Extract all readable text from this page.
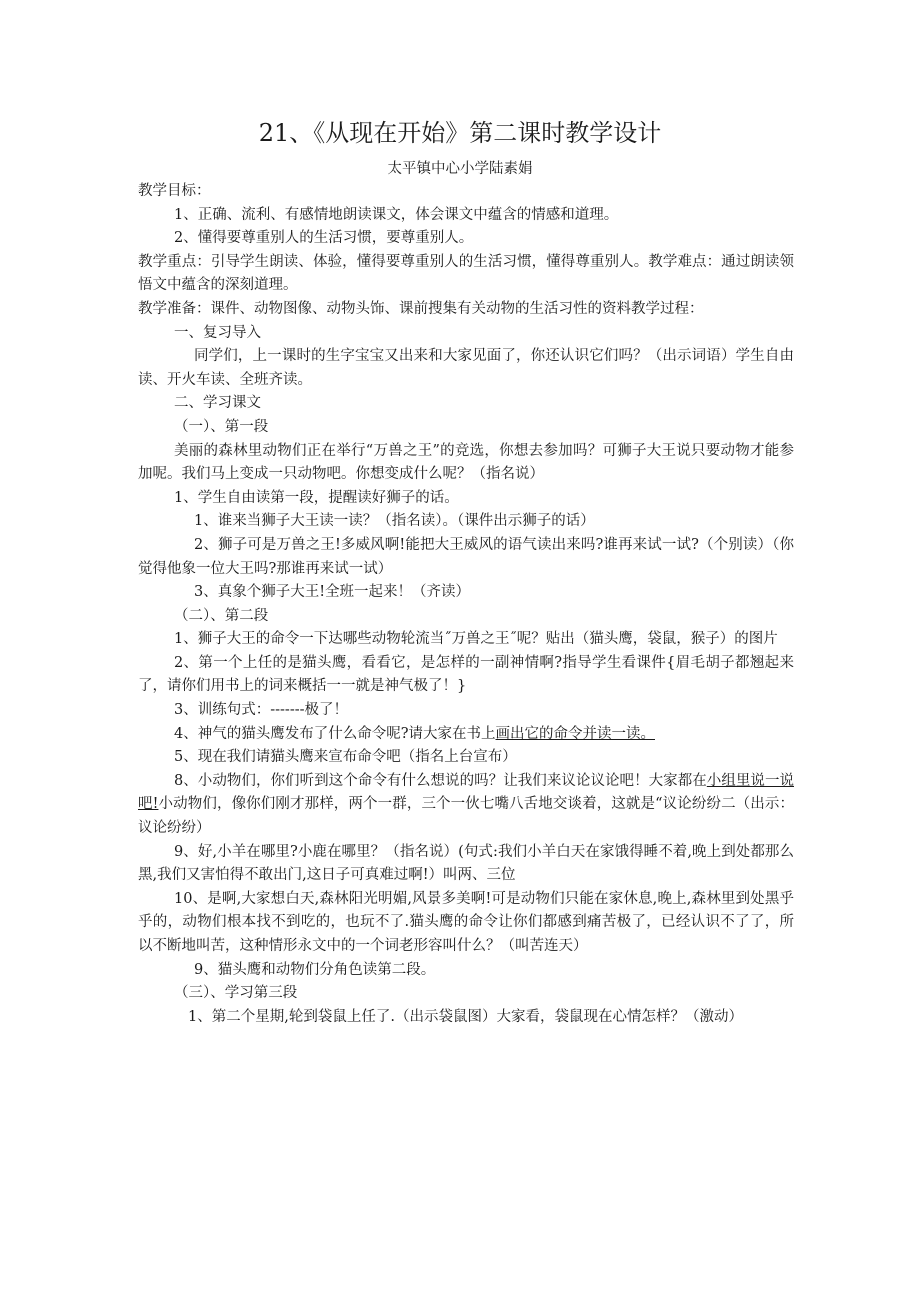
21、《从现在开始》第二课时教学设计
太平镇中心小学陆素娟

教学目标：

1、正确、流利、有感情地朗读课文，体会课文中蕴含的情感和道理。

2、懂得要尊重别人的生活习惯，要尊重别人。

教学重点：引导学生朗读、体验，懂得要尊重别人的生活习惯，懂得尊重别人。教学难点：通过朗读领悟文中蕴含的深刻道理。

教学准备：课件、动物图像、动物头饰、课前搜集有关动物的生活习性的资料教学过程：

一、复习导入

同学们，上一课时的生字宝宝又出来和大家见面了，你还认识它们吗？（出示词语）学生自由读、开火车读、全班齐读。

二、学习课文

（一）、第一段

美丽的森林里动物们正在举行“万兽之王”的竞选，你想去参加吗？可狮子大王说只要动物才能参加呢。我们马上变成一只动物吧。你想变成什么呢？（指名说）

1、学生自由读第一段，提醒读好狮子的话。

1、谁来当狮子大王读一读？（指名读）。（课件出示狮子的话）

2、狮子可是万兽之王!多威风啊!能把大王威风的语气读出来吗?谁再来试一试?（个别读）（你觉得他象一位大王吗?那谁再来试一试）

3、真象个狮子大王!全班一起来！（齐读）

（二）、第二段

1、狮子大王的命令一下达哪些动物轮流当˝万兽之王˝呢？贴出（猫头鹰，袋鼠，猴子）的图片

2、第一个上任的是猫头鹰，看看它，是怎样的一副神情啊?指导学生看课件{眉毛胡子都翘起来了，请你们用书上的词来概括一一就是神气极了！}

3、训练句式：-------极了！

4、神气的猫头鹰发布了什么命令呢?请大家在书上画出它的命令并读一读。

5、现在我们请猫头鹰来宣布命令吧（指名上台宣布）

8、小动物们，你们听到这个命令有什么想说的吗？让我们来议论议论吧！大家都在小组里说一说吧!小动物们，像你们刚才那样，两个一群，三个一伙七嘴八舌地交谈着，这就是“议论纷纷二（出示：议论纷纷）

9、好,小羊在哪里?小鹿在哪里？（指名说）(句式:我们小羊白天在家饿得睡不着,晚上到处都那么黑,我们又害怕得不敢出门,这日子可真难过啊!）叫两、三位

10、是啊,大家想白天,森林阳光明媚,风景多美啊!可是动物们只能在家休息,晚上,森林里到处黑乎乎的，动物们根本找不到吃的，也玩不了.猫头鹰的命令让你们都感到痛苦极了，已经认识不了了，所以不断地叫苦，这种情形永文中的一个词老形容叫什么？（叫苦连天）

9、猫头鹰和动物们分角色读第二段。

（三）、学习第三段

1、第二个星期,轮到袋鼠上任了.（出示袋鼠图）大家看，袋鼠现在心情怎样？（激动）
